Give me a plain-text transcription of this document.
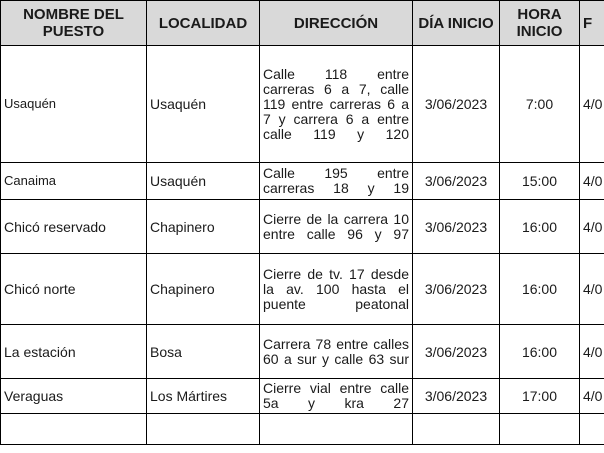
NOMBRE DEL PUESTO	LOCALIDAD	DIRECCIÓN	DÍA INICIO	HORA INICIO	F
Usaquén	Usaquén	Calle 118 entre carreras 6 a 7, calle 119 entre carreras 6 a 7 y carrera 6 a entre calle 119 y 120	3/06/2023	7:00	4/0
Canaima	Usaquén	Calle 195 entre carreras 18 y 19	3/06/2023	15:00	4/0
Chicó reservado	Chapinero	Cierre de la carrera 10 entre calle 96 y 97	3/06/2023	16:00	4/0
Chicó norte	Chapinero	Cierre de tv. 17 desde la av. 100 hasta el puente peatonal	3/06/2023	16:00	4/0
La estación	Bosa	Carrera 78 entre calles 60 a sur y calle 63 sur	3/06/2023	16:00	4/0
Veraguas	Los Mártires	Cierre vial entre calle 5a y kra 27	3/06/2023	17:00	4/0
